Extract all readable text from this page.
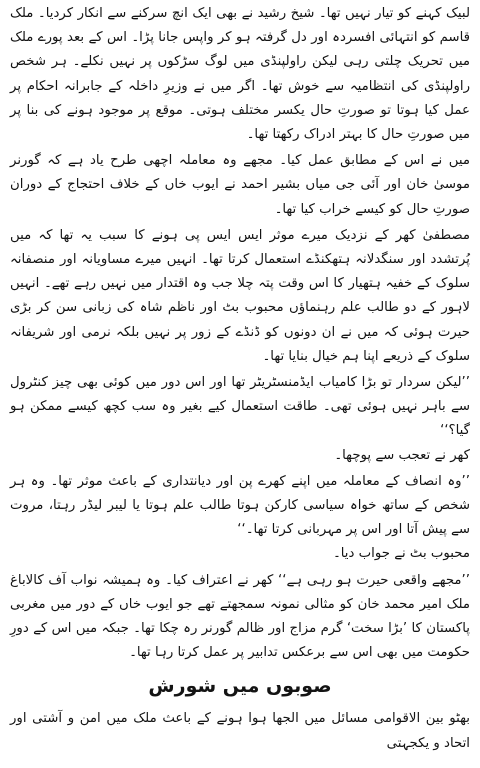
لبیک کہنے کو تیار نہیں تھا۔ شیخ رشید نے بھی ایک انچ سرکنے سے انکار کردیا۔ ملک قاسم کو انتہائی افسردہ اور دل گرفتہ ہو کر واپس جانا پڑا۔ اس کے بعد پورے ملک میں تحریک چلتی رہی لیکن راولپنڈی میں لوگ سڑکوں پر نہیں نکلے۔ ہر شخص راولپنڈی کی انتظامیہ سے خوش تھا۔ اگر میں نے وزیرِ داخلہ کے جابرانہ احکام پر عمل کیا ہوتا تو صورتِ حال یکسر مختلف ہوتی۔ موقع پر موجود ہونے کی بنا پر میں صورتِ حال کا بہتر ادراک رکھتا تھا۔

میں نے اس کے مطابق عمل کیا۔ مجھے وہ معاملہ اچھی طرح یاد ہے کہ گورنر موسیٰ خان اور آئی جی میاں بشیر احمد نے ایوب خاں کے خلاف احتجاج کے دوران صورتِ حال کو کیسے خراب کیا تھا۔

مصطفیٰ کھر کے نزدیک میرے موثر ایس ایس پی ہونے کا سبب یہ تھا کہ میں پُرتشدد اور سنگدلانہ ہتھکنڈے استعمال کرتا تھا۔ انہیں میرے مساویانہ اور منصفانہ سلوک کے خفیہ ہتھیار کا اس وقت پتہ چلا جب وہ اقتدار میں نہیں رہے تھے۔ انہیں لاہور کے دو طالب علم رہنماؤں محبوب بٹ اور ناظم شاہ کی زبانی سن کر بڑی حیرت ہوئی کہ میں نے ان دونوں کو ڈنڈے کے زور پر نہیں بلکہ نرمی اور شریفانہ سلوک کے ذریعے اپنا ہم خیال بنایا تھا۔

’’لیکن سردار تو بڑا کامیاب ایڈمنسٹریٹر تھا اور اس دور میں کوئی بھی چیز کنٹرول سے باہر نہیں ہوئی تھی۔ طاقت استعمال کیے بغیر وہ سب کچھ کیسے ممکن ہو گیا؟‘‘

کھر نے تعجب سے پوچھا۔

’’وہ انصاف کے معاملہ میں اپنے کھرے پن اور دیانتداری کے باعث موثر تھا۔ وہ ہر شخص کے ساتھ خواہ سیاسی کارکن ہوتا طالب علم ہوتا یا لیبر لیڈر رہتا، مروت سے پیش آتا اور اس پر مہربانی کرتا تھا۔‘‘

محبوب بٹ نے جواب دیا۔

’’مجھے واقعی حیرت ہو رہی ہے‘‘ کھر نے اعتراف کیا۔ وہ ہمیشہ نواب آف کالاباغ ملک امیر محمد خان کو مثالی نمونہ سمجھتے تھے جو ایوب خاں کے دور میں مغربی پاکستان کا ’بڑا سخت‘ گرم مزاج اور ظالم گورنر رہ چکا تھا۔ جبکہ میں اس کے دورِ حکومت میں بھی اس سے برعکس تدابیر پر عمل کرتا رہا تھا۔

صوبوں میں شورش

بھٹو بین الاقوامی مسائل میں الجھا ہوا ہونے کے باعث ملک میں امن و آشتی اور اتحاد و یکجہتی
